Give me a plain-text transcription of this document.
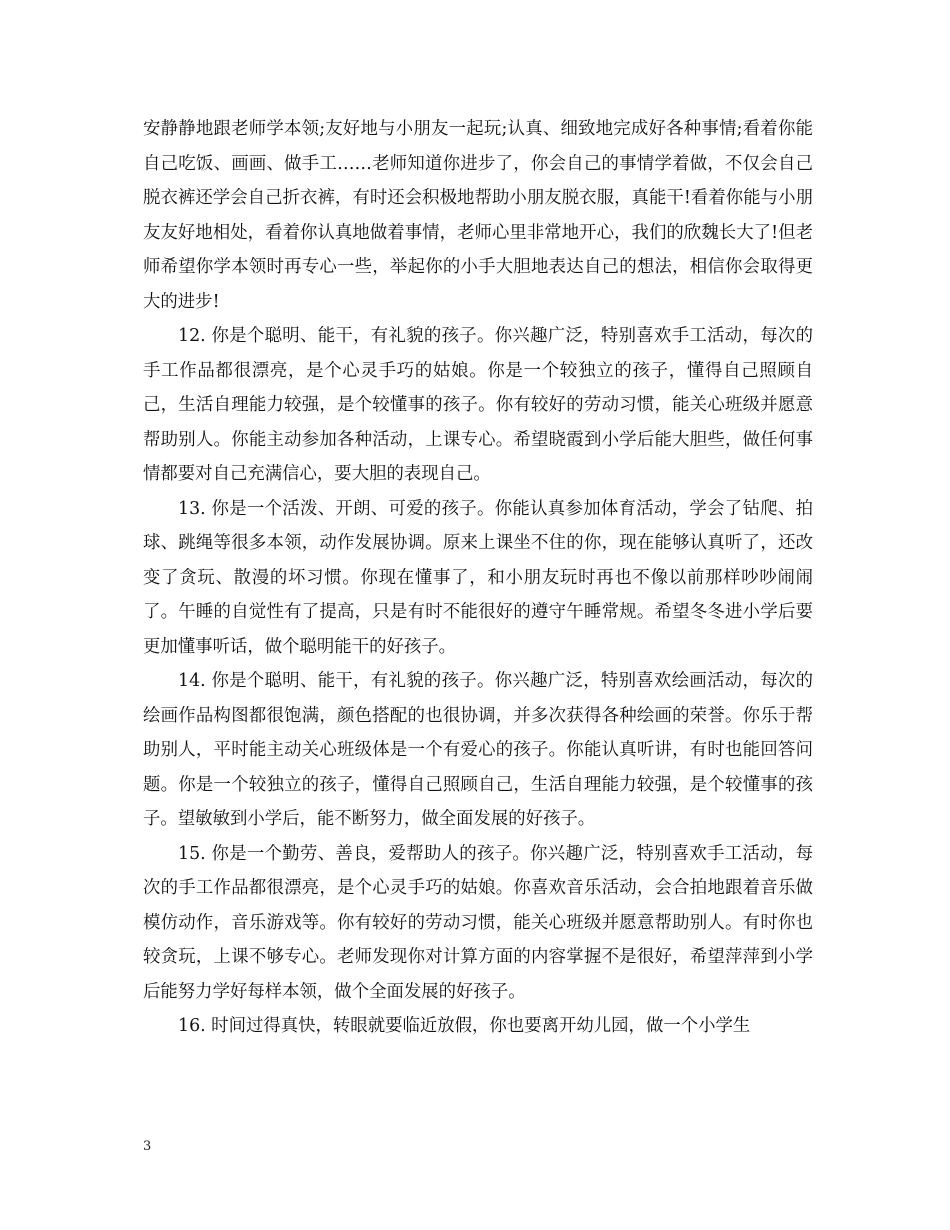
安静静地跟老师学本领;友好地与小朋友一起玩;认真、细致地完成好各种事情;看着你能自己吃饭、画画、做手工……老师知道你进步了，你会自己的事情学着做，不仅会自己脱衣裤还学会自己折衣裤，有时还会积极地帮助小朋友脱衣服，真能干!看着你能与小朋友友好地相处，看着你认真地做着事情，老师心里非常地开心，我们的欣魏长大了!但老师希望你学本领时再专心一些，举起你的小手大胆地表达自己的想法，相信你会取得更大的进步!

12. 你是个聪明、能干，有礼貌的孩子。你兴趣广泛，特别喜欢手工活动，每次的手工作品都很漂亮，是个心灵手巧的姑娘。你是一个较独立的孩子，懂得自己照顾自己，生活自理能力较强，是个较懂事的孩子。你有较好的劳动习惯，能关心班级并愿意帮助别人。你能主动参加各种活动，上课专心。希望晓霞到小学后能大胆些，做任何事情都要对自己充满信心，要大胆的表现自己。

13. 你是一个活泼、开朗、可爱的孩子。你能认真参加体育活动，学会了钻爬、拍球、跳绳等很多本领，动作发展协调。原来上课坐不住的你，现在能够认真听了，还改变了贪玩、散漫的坏习惯。你现在懂事了，和小朋友玩时再也不像以前那样吵吵闹闹了。午睡的自觉性有了提高，只是有时不能很好的遵守午睡常规。希望冬冬进小学后要更加懂事听话，做个聪明能干的好孩子。

14. 你是个聪明、能干，有礼貌的孩子。你兴趣广泛，特别喜欢绘画活动，每次的绘画作品构图都很饱满，颜色搭配的也很协调，并多次获得各种绘画的荣誉。你乐于帮助别人，平时能主动关心班级体是一个有爱心的孩子。你能认真听讲，有时也能回答问题。你是一个较独立的孩子，懂得自己照顾自己，生活自理能力较强，是个较懂事的孩子。望敏敏到小学后，能不断努力，做全面发展的好孩子。

15. 你是一个勤劳、善良，爱帮助人的孩子。你兴趣广泛，特别喜欢手工活动，每次的手工作品都很漂亮，是个心灵手巧的姑娘。你喜欢音乐活动，会合拍地跟着音乐做模仿动作，音乐游戏等。你有较好的劳动习惯，能关心班级并愿意帮助别人。有时你也较贪玩，上课不够专心。老师发现你对计算方面的内容掌握不是很好，希望萍萍到小学后能努力学好每样本领，做个全面发展的好孩子。

16. 时间过得真快，转眼就要临近放假，你也要离开幼儿园，做一个小学生

3
